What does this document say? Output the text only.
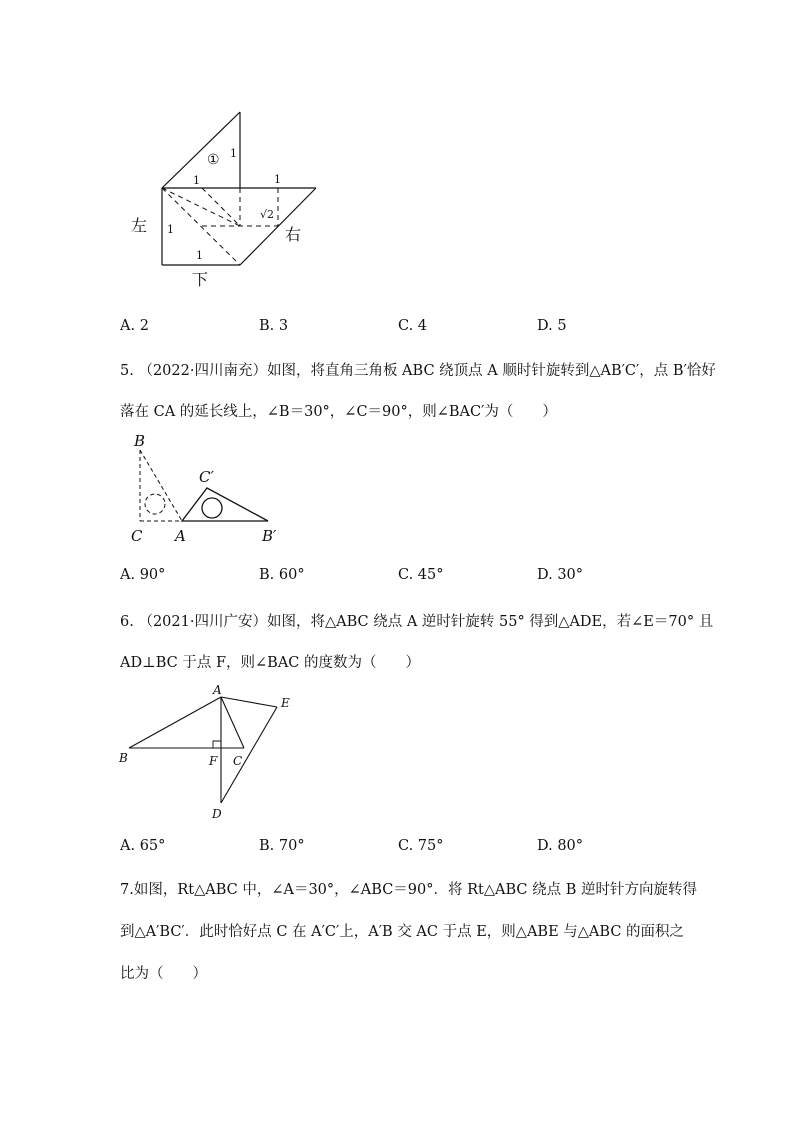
① 1
1	1
1
1
√2
左	右
下
A. 2	B. 3	C. 4	D. 5
5. （2022·四川南充）如图，将直角三角板 ABC 绕顶点 A 顺时针旋转到△AB′C′，点 B′恰好
落在 CA 的延长线上，∠B＝30°，∠C＝90°，则∠BAC′为（　　）
B
C A
C′
B′
A. 90°	B. 60°	C. 45°	D. 30°
6. （2021·四川广安）如图，将△ABC 绕点 A 逆时针旋转 55° 得到△ADE，若∠E＝70° 且
AD⊥BC 于点 F，则∠BAC 的度数为（　　）
A
E
B	F C
D
A. 65°	B. 70°	C. 75°	D. 80°
7.如图，Rt△ABC 中，∠A＝30°，∠ABC＝90°．将 Rt△ABC 绕点 B 逆时针方向旋转得
到△A′BC′．此时恰好点 C 在 A′C′上，A′B 交 AC 于点 E，则△ABE 与△ABC 的面积之
比为（　　）
